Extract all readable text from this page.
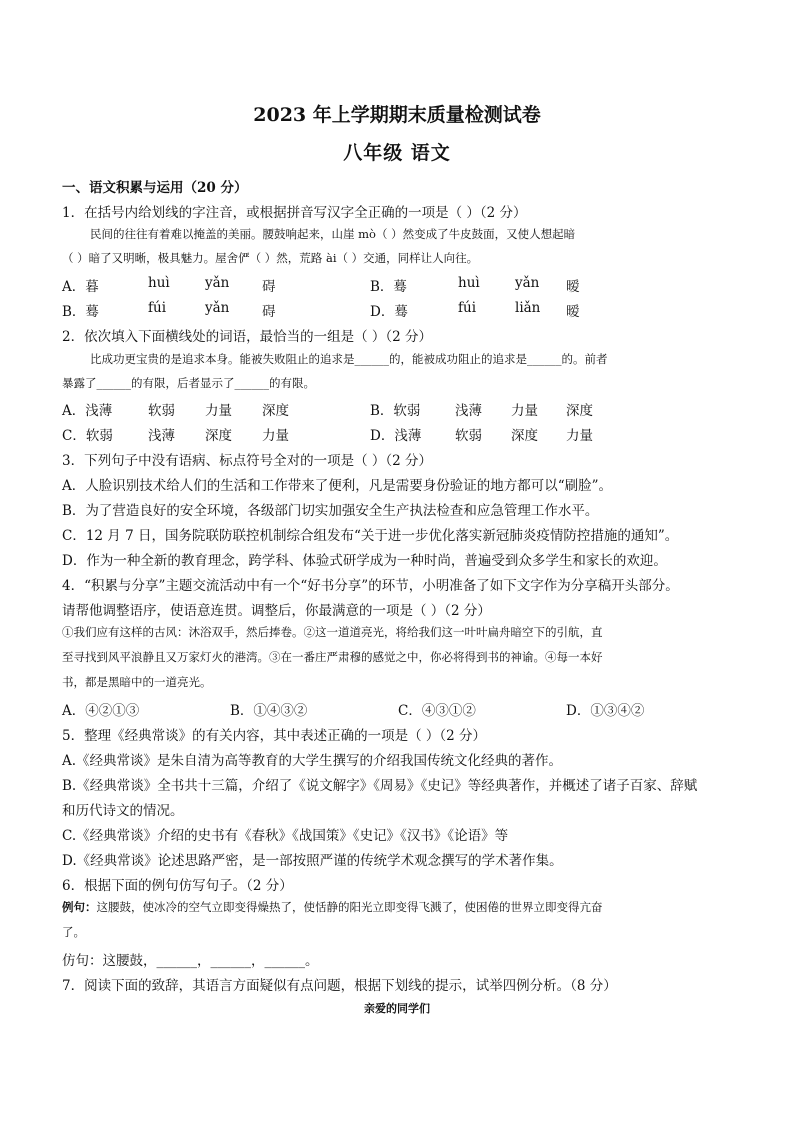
2023 年上学期期末质量检测试卷
八年级 语文
一、语文积累与运用（20 分）
1．在括号内给划线的字注音，或根据拼音写汉字全正确的一项是（ ）（2 分）
民间的往往有着难以掩盖的美丽。腰鼓响起来，山崖 mò（ ）然变成了牛皮鼓面，又使人想起暗
（ ）暗了又明晰，极具魅力。屋舍俨（ ）然，荒路 ài（ ）交通，同样让人向往。
A．暮	huì	yǎn 碍	B．蓦	huì	yǎn 暧
B．蓦	fúi	yǎn 碍	D．蓦	fúi	liǎn 暧
2．依次填入下面横线处的词语，最恰当的一组是（ ）（2 分）
比成功更宝贵的是追求本身。能被失败阻止的追求是______的，能被成功阻止的追求是______的。前者
暴露了______的有限，后者显示了______的有限。
A．浅薄	软弱 力量 深度	B．软弱	浅薄 力量 深度
C．软弱	浅薄 深度 力量	D．浅薄 软弱 深度 力量
3．下列句子中没有语病、标点符号全对的一项是（ ）（2 分）
A．人脸识别技术给人们的生活和工作带来了便利，凡是需要身份验证的地方都可以“刷脸”。
B．为了营造良好的安全环境，各级部门切实加强安全生产执法检查和应急管理工作水平。
C．12 月 7 日，国务院联防联控机制综合组发布“关于进一步优化落实新冠肺炎疫情防控措施的通知”。
D．作为一种全新的教育理念，跨学科、体验式研学成为一种时尚，普遍受到众多学生和家长的欢迎。
4．“积累与分享”主题交流活动中有一个“好书分享”的环节，小明准备了如下文字作为分享稿开头部分。
请帮他调整语序，使语意连贯。调整后，你最满意的一项是（ ）（2 分）
①我们应有这样的古风：沐浴双手，然后捧卷。②这一道道亮光，将给我们这一叶叶扁舟暗空下的引航，直
至寻找到风平浪静且又万家灯火的港湾。③在一番庄严肃穆的感觉之中，你必将得到书的神谕。④每一本好
书，都是黑暗中的一道亮光。
A．④②①③	B．①④③②	C．④③①②	D．①③④②
5．整理《经典常谈》的有关内容，其中表述正确的一项是（ ）（2 分）
A.《经典常谈》是朱自清为高等教育的大学生撰写的介绍我国传统文化经典的著作。
B.《经典常谈》全书共十三篇，介绍了《说文解字》《周易》《史记》等经典著作，并概述了诸子百家、辞赋
和历代诗文的情况。
C.《经典常谈》介绍的史书有《春秋》《战国策》《史记》《汉书》《论语》等
D.《经典常谈》论述思路严密，是一部按照严谨的传统学术观念撰写的学术著作集。
6．根据下面的例句仿写句子。（2 分）
例句：这腰鼓，使冰冷的空气立即变得燥热了，使恬静的阳光立即变得飞溅了，使困倦的世界立即变得亢奋
了。
仿句：这腰鼓，______，______，______。
7．阅读下面的致辞，其语言方面疑似有点问题，根据下划线的提示，试举四例分析。（8 分）
亲爱的同学们
